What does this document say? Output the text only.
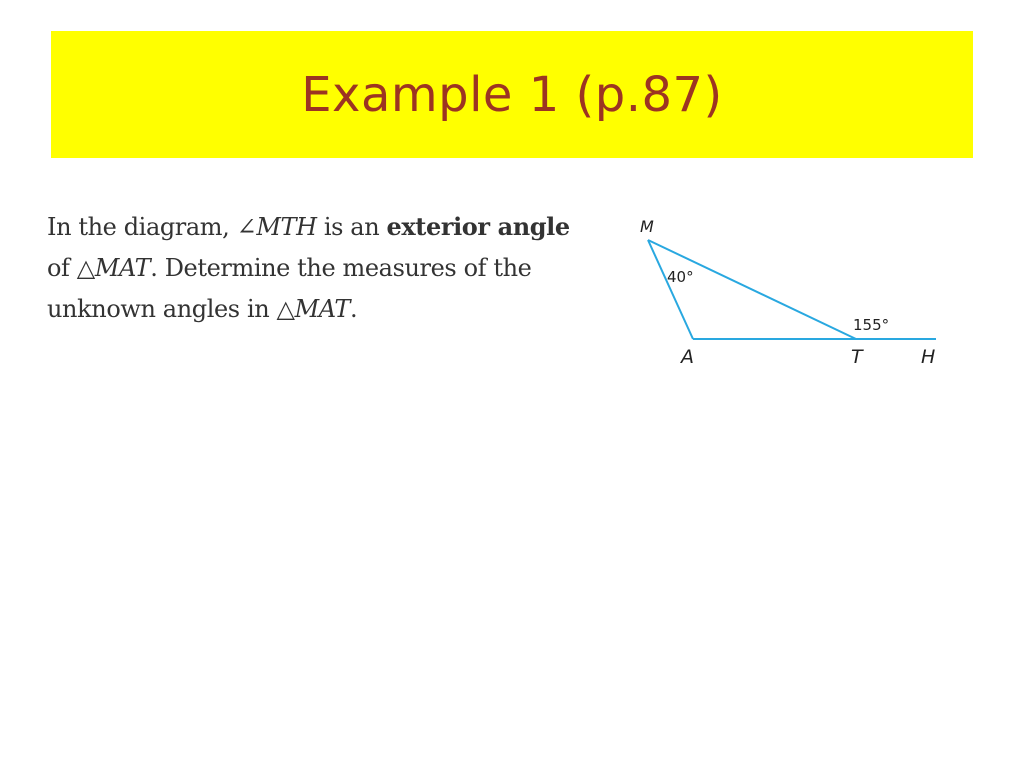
Example 1 (p.87)
In the diagram, ∠MTH is an exterior angle
of △MAT. Determine the measures of the
unknown angles in △MAT.
M
A	T	H
40°
155°
